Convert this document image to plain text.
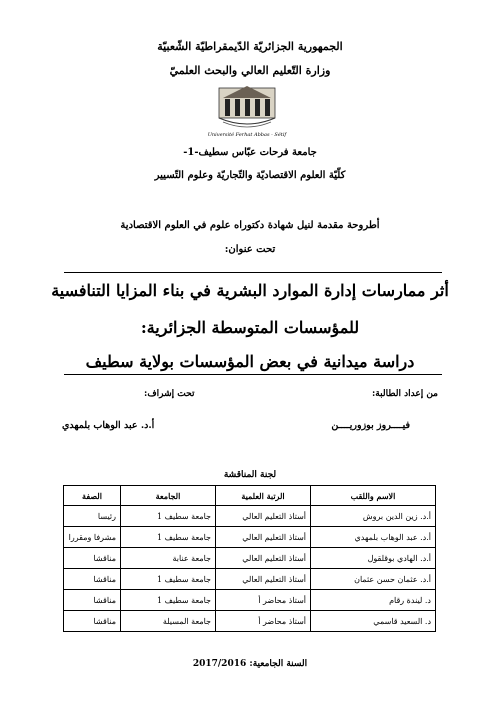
الجمهورية الجزائريّة الدّيمقراطيّة الشّعبيّة
وزارة التّعليم العالي والبحث العلميّ
Université Ferhat Abbas - Sétif
جامعة فرحات عبّاس سطيف-1-
كلّيّة العلوم الاقتصاديّة والتّجاريّة وعلوم التّسيير
أطروحة مقدمة لنيل شهادة دكتوراه علوم في العلوم الاقتصادية
تحت عنوان:
أثر ممارسات إدارة الموارد البشرية في بناء المزايا التنافسية
للمؤسسات المتوسطة الجزائرية:
دراسة ميدانية في بعض المؤسسات بولاية سطيف
من إعداد الطالبة:
تحت إشراف:
فيــــروز بوزوريــــن
أ.د. عبد الوهاب بلمهدي
لجنة المناقشة
الاسم واللقب	الرتبة العلمية	الجامعة	الصفة
أ.د. زين الدين بروش	أستاذ التعليم العالي	جامعة سطيف 1	رئيسا
أ.د. عبد الوهاب بلمهدي	أستاذ التعليم العالي	جامعة سطيف 1	مشرفا ومقررا
أ.د. الهادي بوقلقول	أستاذ التعليم العالي	جامعة عنابة	مناقشا
أ.د. عثمان حسن عثمان	أستاذ التعليم العالي	جامعة سطيف 1	مناقشا
د. ليندة رقام	أستاذ محاضر أ	جامعة سطيف 1	مناقشا
د. السعيد قاسمي	أستاذ محاضر أ	جامعة المسيلة	مناقشا
السنة الجامعية: 2017/2016
